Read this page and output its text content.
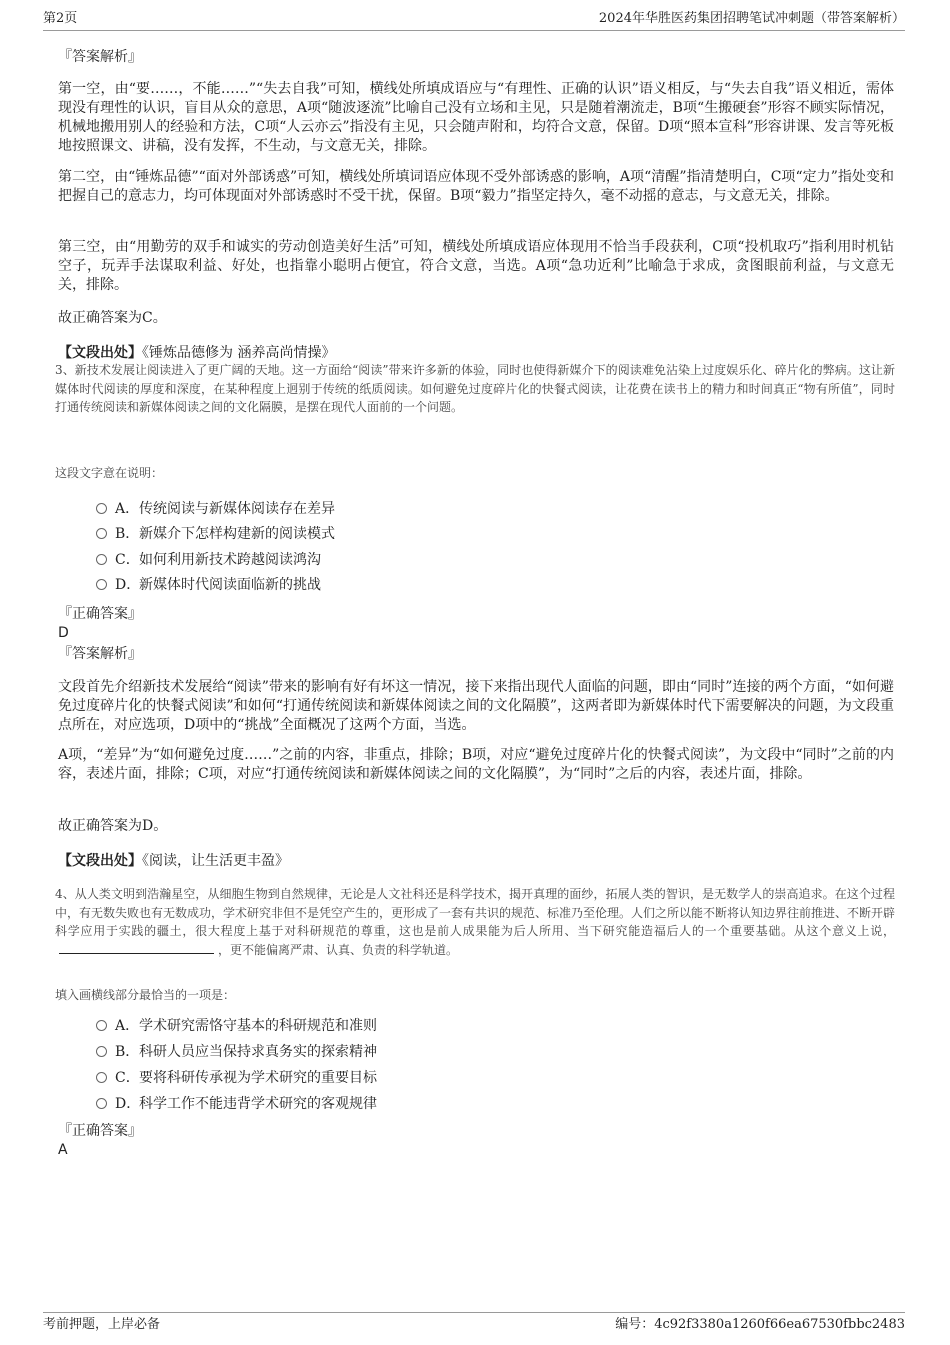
第2页	2024年华胜医药集团招聘笔试冲刺题（带答案解析）
『答案解析』

第一空，由“要……，不能……”“失去自我”可知，横线处所填成语应与“有理性、正确的认识”语义相反，与“失去自我”语义相近，需体现没有理性的认识，盲目从众的意思，A项“随波逐流”比喻自己没有立场和主见，只是随着潮流走，B项“生搬硬套”形容不顾实际情况，机械地搬用别人的经验和方法，C项“人云亦云”指没有主见，只会随声附和，均符合文意，保留。D项“照本宣科”形容讲课、发言等死板地按照课文、讲稿，没有发挥，不生动，与文意无关，排除。

第二空，由“锤炼品德”“面对外部诱惑”可知，横线处所填词语应体现不受外部诱惑的影响，A项“清醒”指清楚明白，C项“定力”指处变和把握自己的意志力，均可体现面对外部诱惑时不受干扰，保留。B项“毅力”指坚定持久，毫不动摇的意志，与文意无关，排除。

第三空，由“用勤劳的双手和诚实的劳动创造美好生活”可知，横线处所填成语应体现用不恰当手段获利，C项“投机取巧”指利用时机钻空子，玩弄手法谋取利益、好处，也指靠小聪明占便宜，符合文意，当选。A项“急功近利”比喻急于求成，贪图眼前利益，与文意无关，排除。

故正确答案为C。

【文段出处】《锤炼品德修为 涵养高尚情操》

3、新技术发展让阅读进入了更广阔的天地。这一方面给“阅读”带来许多新的体验，同时也使得新媒介下的阅读难免沾染上过度娱乐化、碎片化的弊病。这让新媒体时代阅读的厚度和深度，在某种程度上迥别于传统的纸质阅读。如何避免过度碎片化的快餐式阅读，让花费在读书上的精力和时间真正“物有所值”，同时打通传统阅读和新媒体阅读之间的文化隔膜，是摆在现代人面前的一个问题。

这段文字意在说明：
A．传统阅读与新媒体阅读存在差异
B．新媒介下怎样构建新的阅读模式
C．如何利用新技术跨越阅读鸿沟
D．新媒体时代阅读面临新的挑战
『正确答案』
D
『答案解析』

文段首先介绍新技术发展给“阅读”带来的影响有好有坏这一情况，接下来指出现代人面临的问题，即由“同时”连接的两个方面，“如何避免过度碎片化的快餐式阅读”和如何“打通传统阅读和新媒体阅读之间的文化隔膜”，这两者即为新媒体时代下需要解决的问题，为文段重点所在，对应选项，D项中的“挑战”全面概况了这两个方面，当选。

A项，“差异”为“如何避免过度……”之前的内容，非重点，排除；B项，对应“避免过度碎片化的快餐式阅读”，为文段中“同时”之前的内容，表述片面，排除；C项，对应“打通传统阅读和新媒体阅读之间的文化隔膜”，为“同时”之后的内容，表述片面，排除。

故正确答案为D。

【文段出处】《阅读，让生活更丰盈》

4、从人类文明到浩瀚星空，从细胞生物到自然规律，无论是人文社科还是科学技术，揭开真理的面纱，拓展人类的智识，是无数学人的崇高追求。在这个过程中，有无数失败也有无数成功，学术研究非但不是凭空产生的，更形成了一套有共识的规范、标准乃至伦理。人们之所以能不断将认知边界往前推进、不断开辟科学应用于实践的疆土，很大程度上基于对科研规范的尊重，这也是前人成果能为后人所用、当下研究能造福后人的一个重要基础。从这个意义上说，，更不能偏离严肃、认真、负责的科学轨道。

填入画横线部分最恰当的一项是：
A．学术研究需恪守基本的科研规范和准则
B．科研人员应当保持求真务实的探索精神
C．要将科研传承视为学术研究的重要目标
D．科学工作不能违背学术研究的客观规律
『正确答案』
A
考前押题，上岸必备	编号：4c92f3380a1260f66ea67530fbbc2483
